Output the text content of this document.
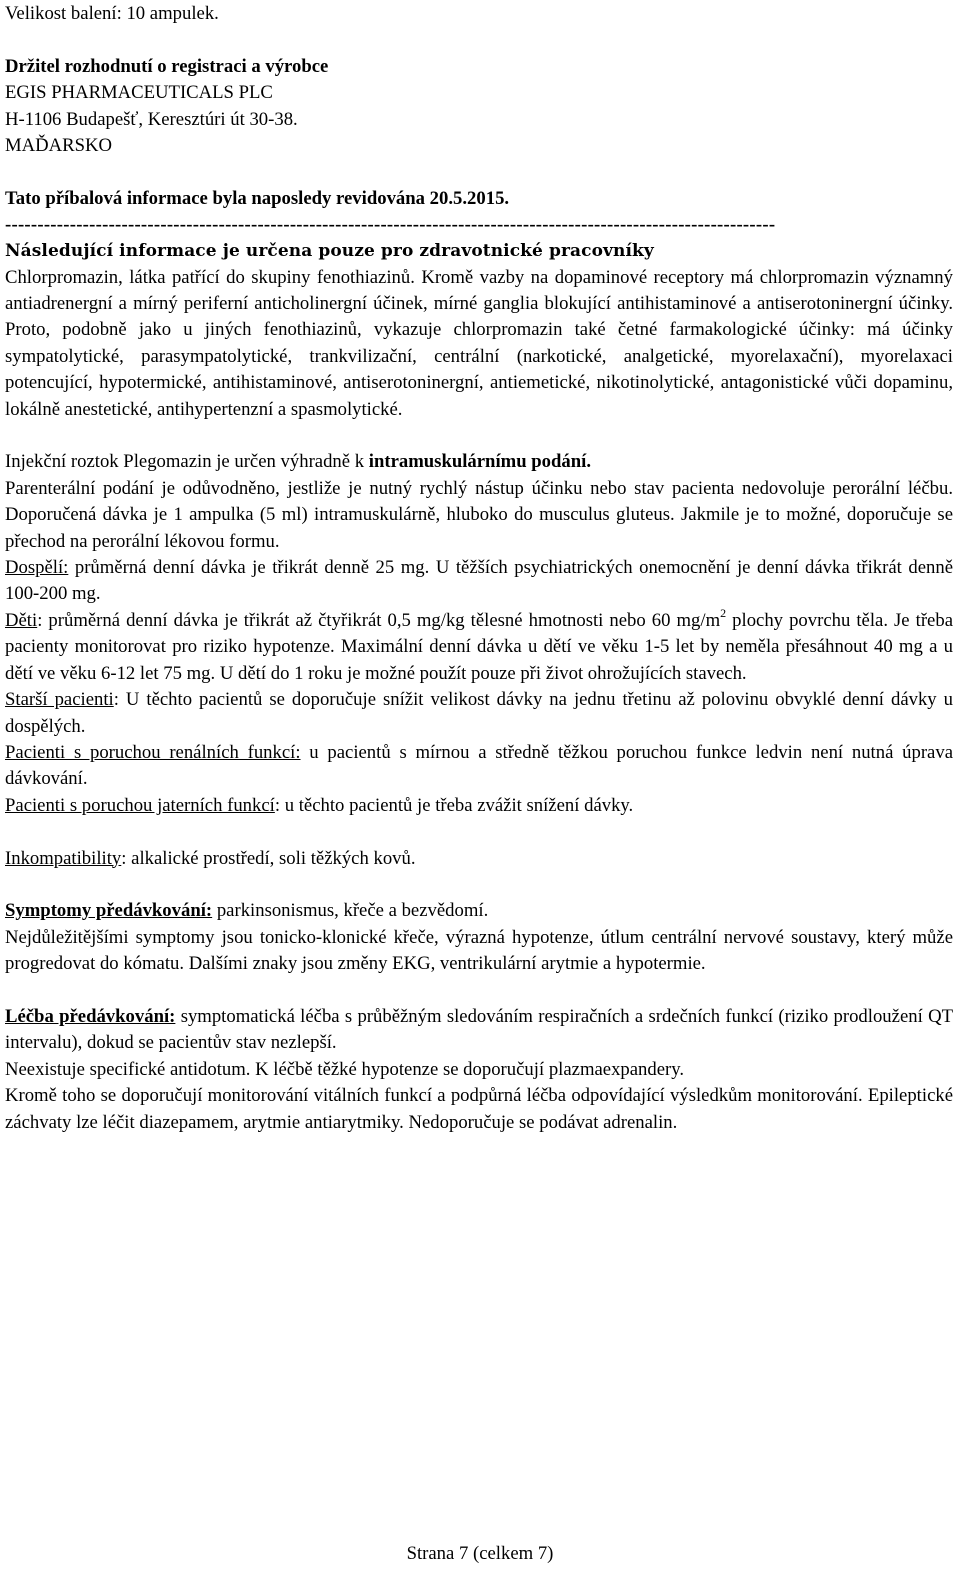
Velikost balení: 10 ampulek.

Držitel rozhodnutí o registraci a výrobce

EGIS PHARMACEUTICALS PLC

H-1106 Budapešť, Keresztúri út 30-38.

MAĎARSKO

Tato příbalová informace byla naposledy revidována 20.5.2015.

-----------------------------------------------------------------------------------------------------------------------

Následující informace je určena pouze pro zdravotnické pracovníky

Chlorpromazin, látka patřící do skupiny fenothiazinů. Kromě vazby na dopaminové receptory má chlorpromazin významný antiadrenergní a mírný periferní anticholinergní účinek, mírné ganglia blokující antihistaminové a antiserotoninergní účinky. Proto, podobně jako u jiných fenothiazinů, vykazuje chlorpromazin také četné farmakologické účinky: má účinky sympatolytické, parasympatolytické, trankvilizační, centrální (narkotické, analgetické, myorelaxační), myorelaxaci potencující, hypotermické, antihistaminové, antiserotoninergní, antiemetické, nikotinolytické, antagonistické vůči dopaminu, lokálně anestetické, antihypertenzní a spasmolytické.

Injekční roztok Plegomazin je určen výhradně k intramuskulárnímu podání.

Parenterální podání je odůvodněno, jestliže je nutný rychlý nástup účinku nebo stav pacienta nedovoluje perorální léčbu. Doporučená dávka je 1 ampulka (5 ml) intramuskulárně, hluboko do musculus gluteus. Jakmile je to možné, doporučuje se přechod na perorální lékovou formu.

Dospělí: průměrná denní dávka je třikrát denně 25 mg. U těžších psychiatrických onemocnění je denní dávka třikrát denně 100-200 mg.

Děti: průměrná denní dávka je třikrát až čtyřikrát 0,5 mg/kg tělesné hmotnosti nebo 60 $mg/m^2$ plochy povrchu těla. Je třeba pacienty monitorovat pro riziko hypotenze. Maximální denní dávka u dětí ve věku 1-5 let by neměla přesáhnout 40 mg a u dětí ve věku 6-12 let 75 mg. U dětí do 1 roku je možné použít pouze při život ohrožujících stavech.

Starší pacienti: U těchto pacientů se doporučuje snížit velikost dávky na jednu třetinu až polovinu obvyklé denní dávky u dospělých.

Pacienti s poruchou renálních funkcí: u pacientů s mírnou a středně těžkou poruchou funkce ledvin není nutná úprava dávkování.

Pacienti s poruchou jaterních funkcí: u těchto pacientů je třeba zvážit snížení dávky.

Inkompatibility: alkalické prostředí, soli těžkých kovů.

Symptomy předávkování: parkinsonismus, křeče a bezvědomí.

Nejdůležitějšími symptomy jsou tonicko-klonické křeče, výrazná hypotenze, útlum centrální nervové soustavy, který může progredovat do kómatu. Dalšími znaky jsou změny EKG, ventrikulární arytmie a hypotermie.

Léčba předávkování: symptomatická léčba s průběžným sledováním respiračních a srdečních funkcí (riziko prodloužení QT intervalu), dokud se pacientův stav nezlepší.

Neexistuje specifické antidotum. K léčbě těžké hypotenze se doporučují plazmaexpandery.

Kromě toho se doporučují monitorování vitálních funkcí a podpůrná léčba odpovídající výsledkům monitorování. Epileptické záchvaty lze léčit diazepamem, arytmie antiarytmiky. Nedoporučuje se podávat adrenalin.

Strana 7 (celkem 7)
